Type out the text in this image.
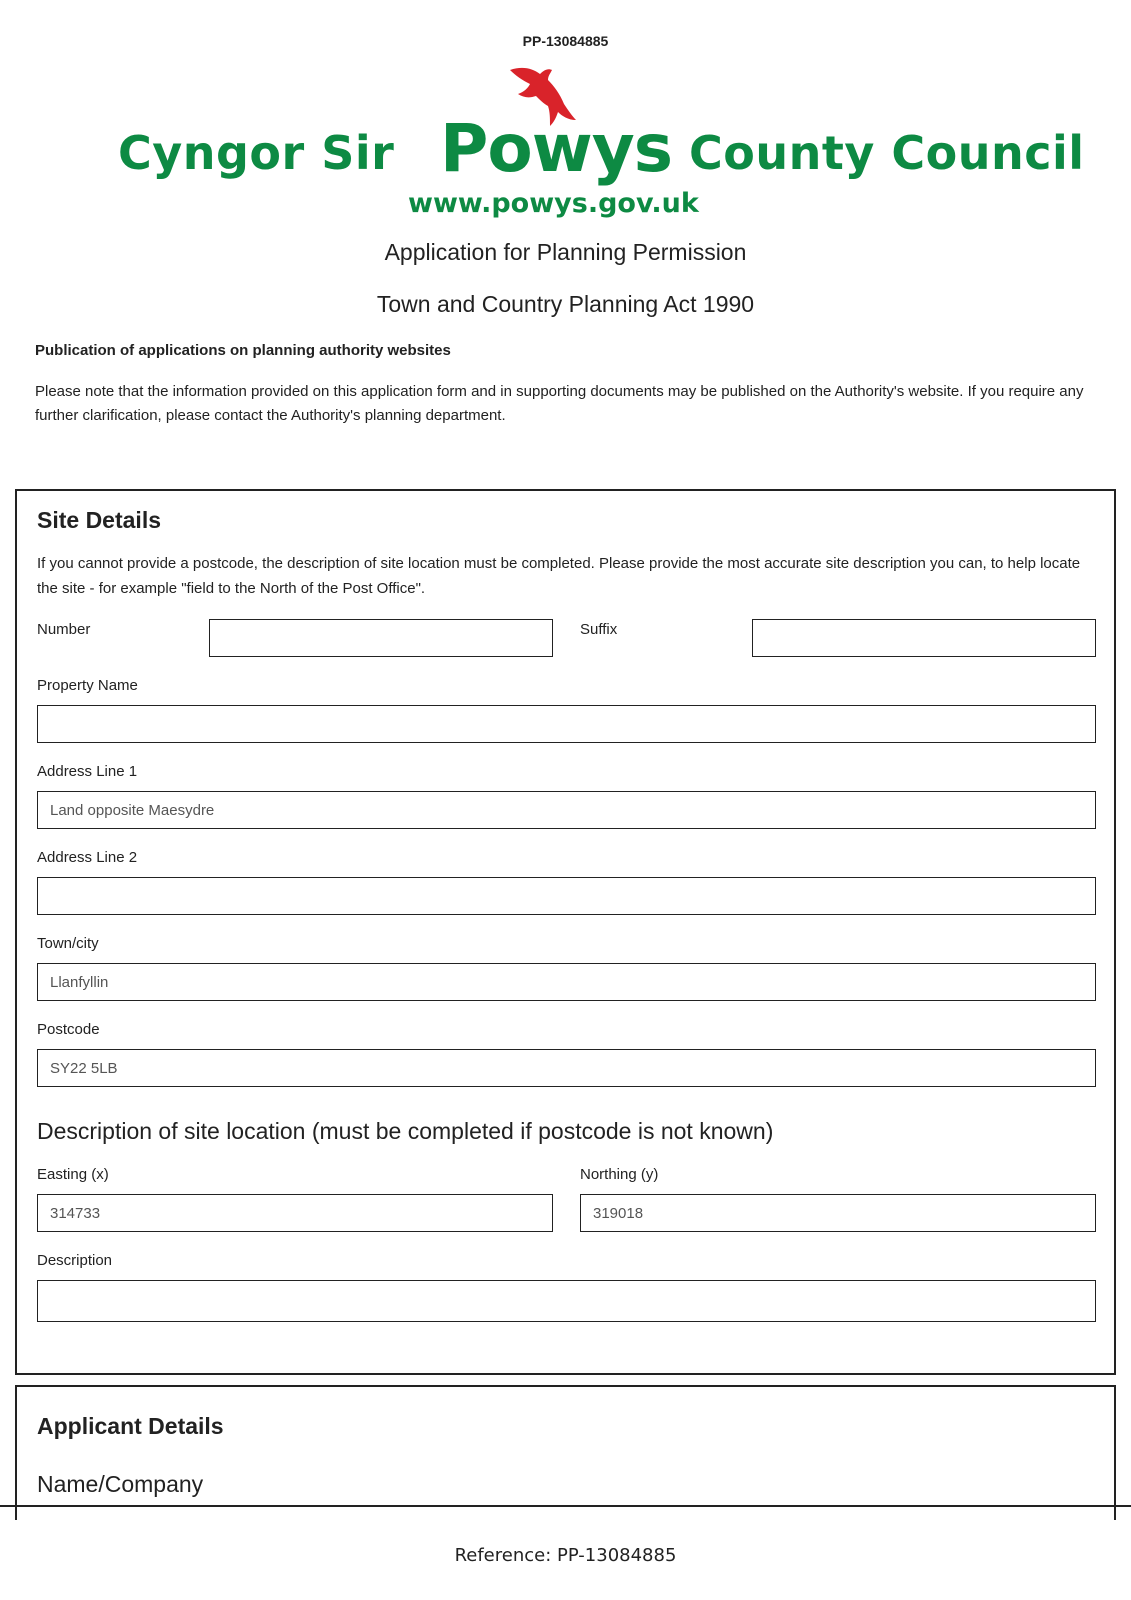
PP-13084885
Cyngor Sir Powys County Council
www.powys.gov.uk
Application for Planning Permission
Town and Country Planning Act 1990
Publication of applications on planning authority websites
Please note that the information provided on this application form and in supporting documents may be published on the Authority's website. If you require any further clarification, please contact the Authority's planning department.
Site Details
If you cannot provide a postcode, the description of site location must be completed. Please provide the most accurate site description you can, to help locate the site - for example "field to the North of the Post Office".
Number	Suffix
Property Name
Address Line 1
Land opposite Maesydre
Address Line 2
Town/city
Llanfyllin
Postcode
SY22 5LB
Description of site location (must be completed if postcode is not known)
Easting (x)
314733
Northing (y)
319018
Description
Applicant Details
Name/Company
Reference: PP-13084885
